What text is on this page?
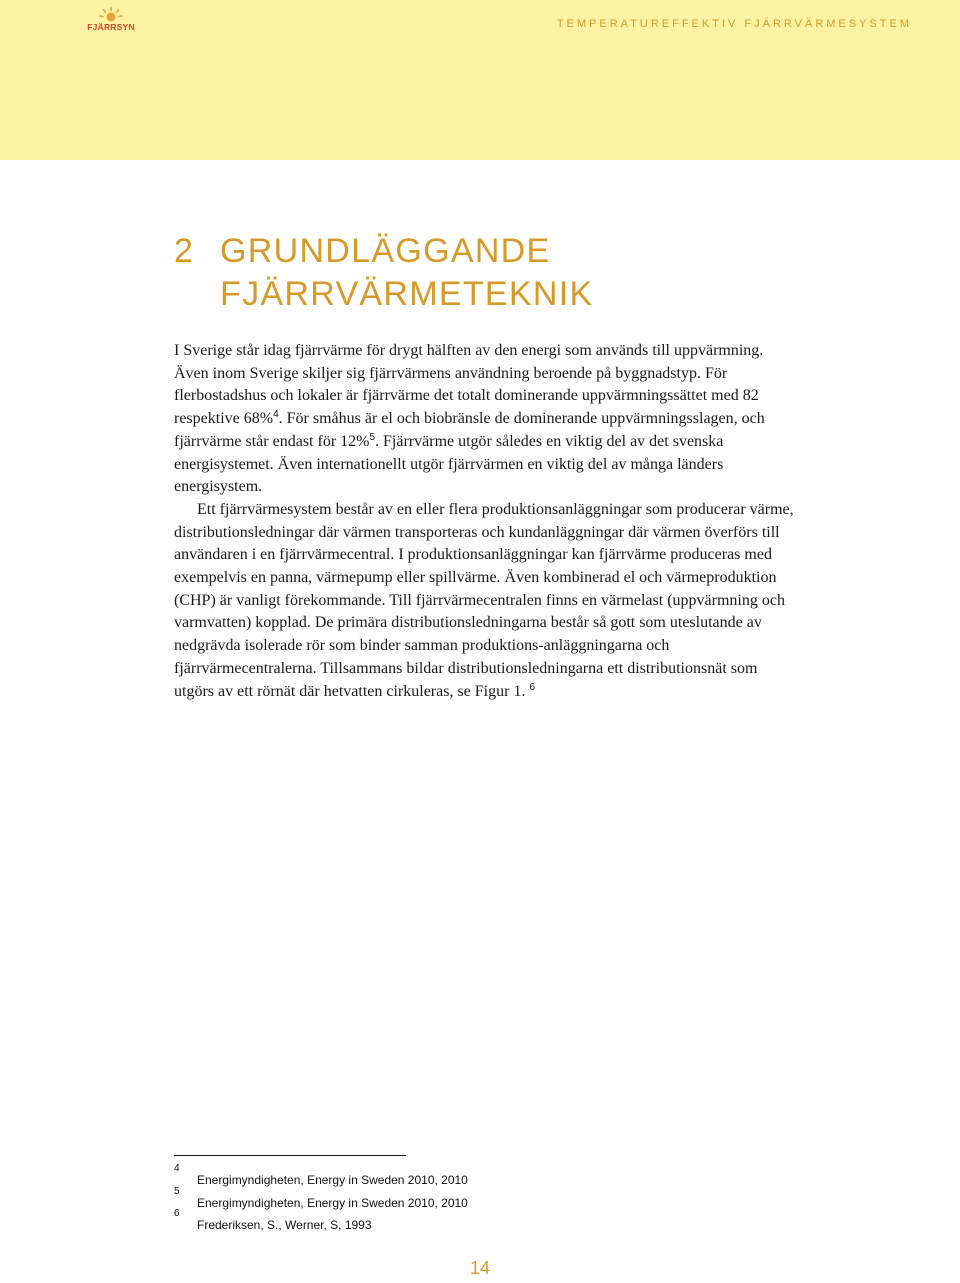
FJÄRRSYN	TEMPERATUREFFEKTIV FJÄRRVÄRMESYSTEM
2 GRUNDLÄGGANDE
FJÄRRVÄRMETEKNIK

I Sverige står idag fjärrvärme för drygt hälften av den energi som används till uppvärmning. Även inom Sverige skiljer sig fjärrvärmens användning beroende på byggnadstyp. För flerbostadshus och lokaler är fjärrvärme det totalt dominerande uppvärmningssättet med 82 respektive 68%$^4$. För småhus är el och biobränsle de dominerande uppvärmningsslagen, och fjärrvärme står endast för 12%$^5$. Fjärrvärme utgör således en viktig del av det svenska energisystemet. Även internationellt utgör fjärrvärmen en viktig del av många länders energisystem.

Ett fjärrvärmesystem består av en eller flera produktionsanläggningar som producerar värme, distributionsledningar där värmen transporteras och kundanläggningar där värmen överförs till användaren i en fjärrvärmecentral. I produktionsanläggningar kan fjärrvärme produceras med exempelvis en panna, värmepump eller spillvärme. Även kombinerad el och värmeproduktion (CHP) är vanligt förekommande. Till fjärrvärmecentralen finns en värmelast (uppvärmning och varmvatten) kopplad. De primära distributionsledningarna består så gott som uteslutande av nedgrävda isolerade rör som binder samman produktions-anläggningarna och fjärrvärmecentralerna. Tillsammans bildar distributionsledningarna ett distributionsnät som utgörs av ett rörnät där hetvatten cirkuleras, se Figur 1. $^6$

4
Energimyndigheten, Energy in Sweden 2010, 2010
5
Energimyndigheten, Energy in Sweden 2010, 2010
6
Frederiksen, S., Werner, S, 1993
14
